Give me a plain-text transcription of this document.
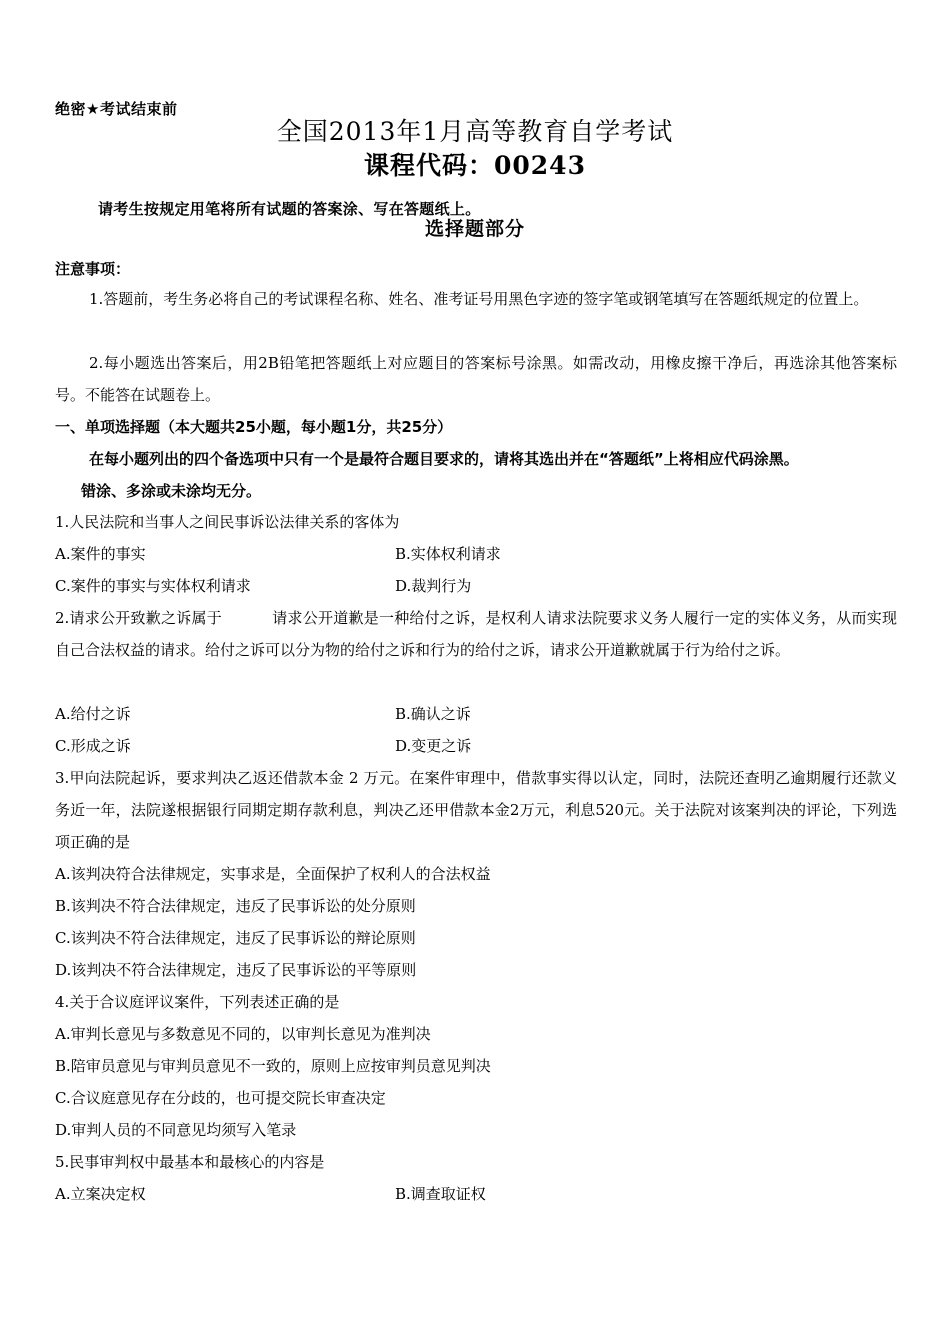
绝密★考试结束前
全国2013年1月高等教育自学考试
课程代码：00243
请考生按规定用笔将所有试题的答案涂、写在答题纸上。
选择题部分
注意事项：
1.答题前，考生务必将自己的考试课程名称、姓名、准考证号用黑色字迹的签字笔或钢笔填写在答题纸规定的位置上。
2.每小题选出答案后，用2B铅笔把答题纸上对应题目的答案标号涂黑。如需改动，用橡皮擦干净后，再选涂其他答案标号。不能答在试题卷上。
一、单项选择题（本大题共25小题，每小题1分，共25分）
在每小题列出的四个备选项中只有一个是最符合题目要求的，请将其选出并在“答题纸”上将相应代码涂黑。
错涂、多涂或未涂均无分。
1.人民法院和当事人之间民事诉讼法律关系的客体为
A.案件的事实	B.实体权利请求
C.案件的事实与实体权利请求	D.裁判行为
2.请求公开致歉之诉属于	请求公开道歉是一种给付之诉，是权利人请求法院要求义务人履行一定的实体义务，从而实现自己合法权益的请求。给付之诉可以分为物的给付之诉和行为的给付之诉，请求公开道歉就属于行为给付之诉。
A.给付之诉	B.确认之诉
C.形成之诉	D.变更之诉
3.甲向法院起诉，要求判决乙返还借款本金 2 万元。在案件审理中，借款事实得以认定，同时，法院还查明乙逾期履行还款义务近一年，法院遂根据银行同期定期存款利息，判决乙还甲借款本金2万元，利息520元。关于法院对该案判决的评论，下列选项正确的是
A.该判决符合法律规定，实事求是，全面保护了权利人的合法权益
B.该判决不符合法律规定，违反了民事诉讼的处分原则
C.该判决不符合法律规定，违反了民事诉讼的辩论原则
D.该判决不符合法律规定，违反了民事诉讼的平等原则
4.关于合议庭评议案件，下列表述正确的是
A.审判长意见与多数意见不同的，以审判长意见为准判决
B.陪审员意见与审判员意见不一致的，原则上应按审判员意见判决
C.合议庭意见存在分歧的，也可提交院长审查决定
D.审判人员的不同意见均须写入笔录
5.民事审判权中最基本和最核心的内容是
A.立案决定权	B.调查取证权
